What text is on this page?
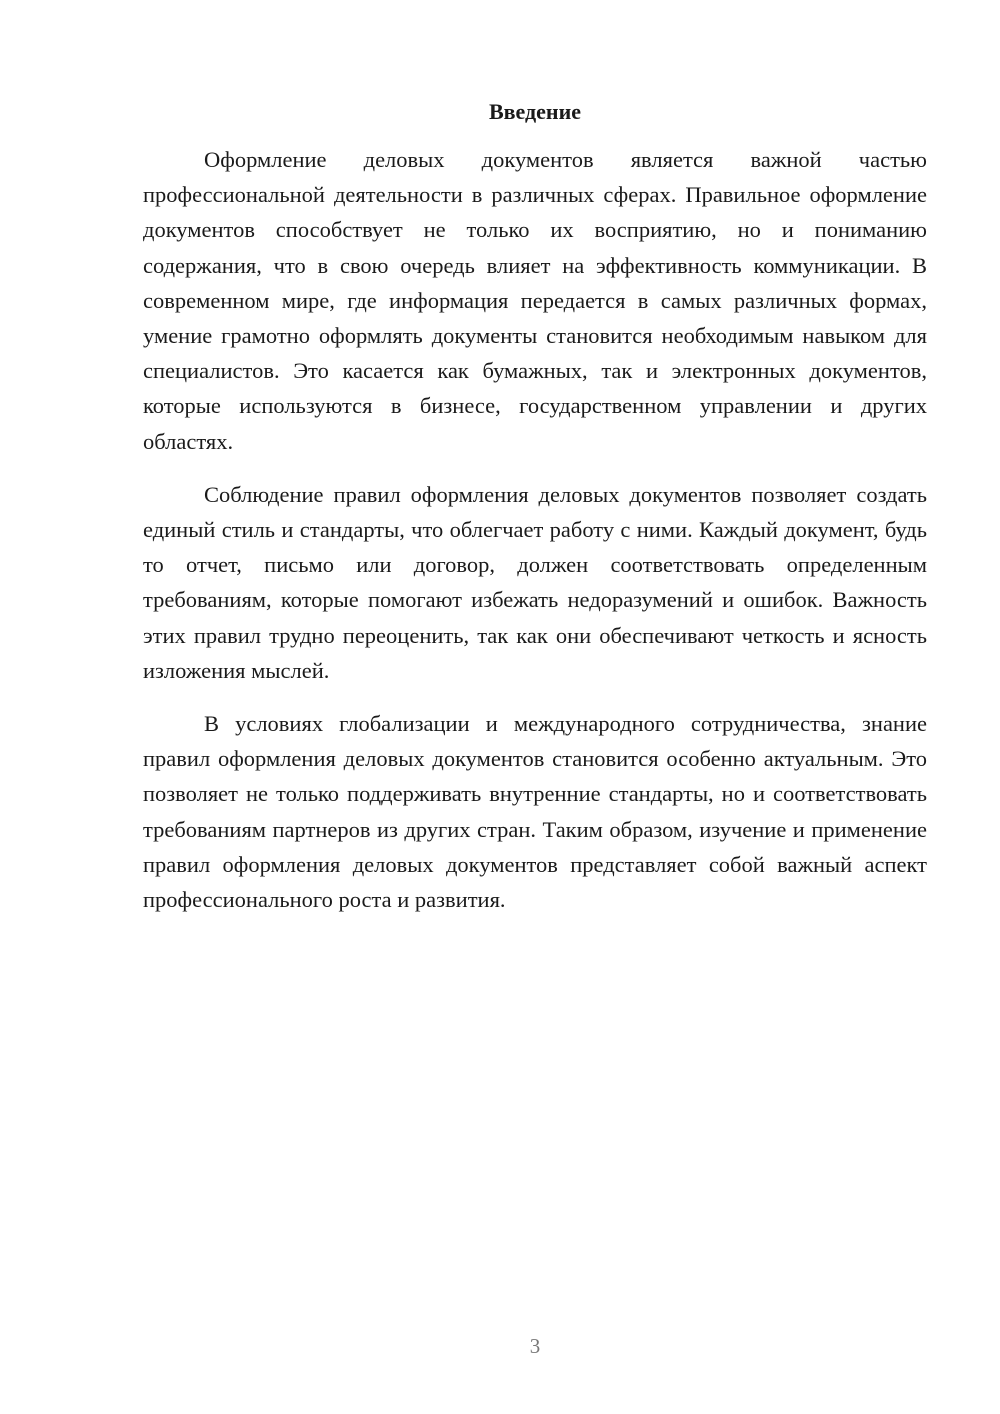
Введение

Оформление деловых документов является важной частью профессиональной деятельности в различных сферах. Правильное оформление документов способствует не только их восприятию, но и пониманию содержания, что в свою очередь влияет на эффективность коммуникации. В современном мире, где информация передается в самых различных формах, умение грамотно оформлять документы становится необходимым навыком для специалистов. Это касается как бумажных, так и электронных документов, которые используются в бизнесе, государственном управлении и других областях.

Соблюдение правил оформления деловых документов позволяет создать единый стиль и стандарты, что облегчает работу с ними. Каждый документ, будь то отчет, письмо или договор, должен соответствовать определенным требованиям, которые помогают избежать недоразумений и ошибок. Важность этих правил трудно переоценить, так как они обеспечивают четкость и ясность изложения мыслей.

В условиях глобализации и международного сотрудничества, знание правил оформления деловых документов становится особенно актуальным. Это позволяет не только поддерживать внутренние стандарты, но и соответствовать требованиям партнеров из других стран. Таким образом, изучение и применение правил оформления деловых документов представляет собой важный аспект профессионального роста и развития.

3
